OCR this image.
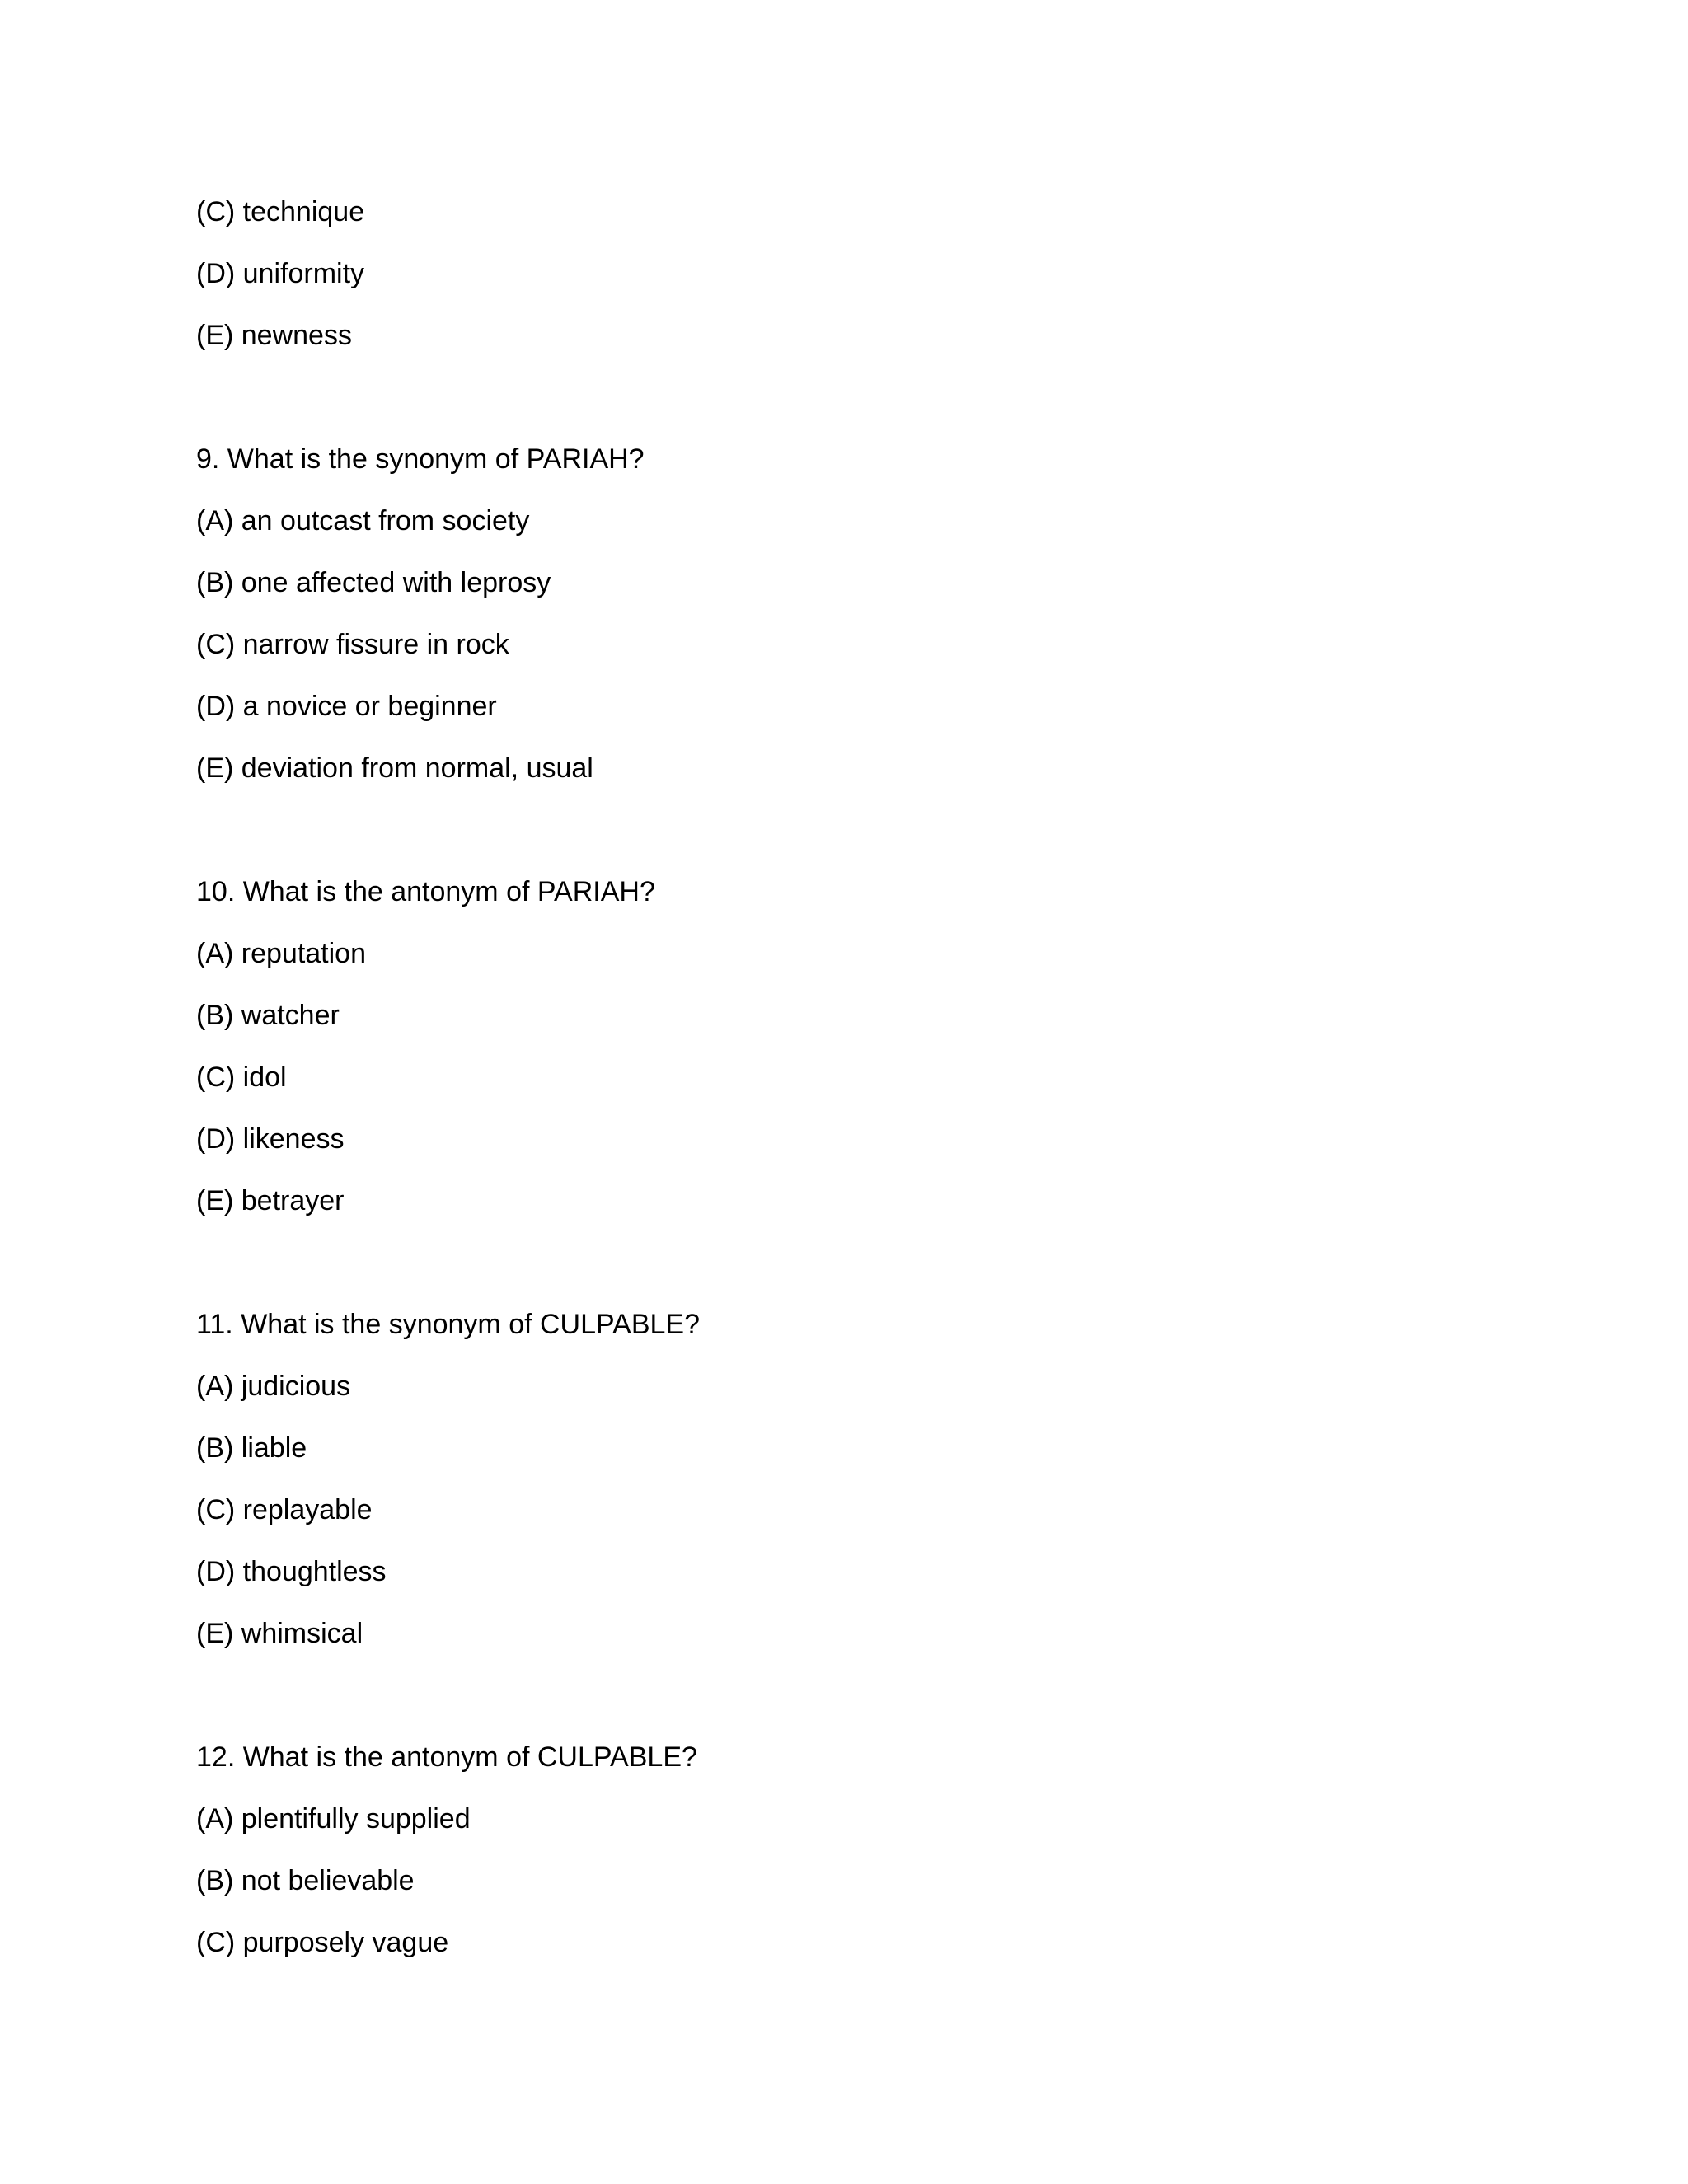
(C) technique
(D) uniformity
(E) newness
9. What is the synonym of PARIAH?
(A) an outcast from society
(B) one affected with leprosy
(C) narrow fissure in rock
(D) a novice or beginner
(E) deviation from normal, usual
10. What is the antonym of PARIAH?
(A) reputation
(B) watcher
(C) idol
(D) likeness
(E) betrayer
11. What is the synonym of CULPABLE?
(A) judicious
(B) liable
(C) replayable
(D) thoughtless
(E) whimsical
12. What is the antonym of CULPABLE?
(A) plentifully supplied
(B) not believable
(C) purposely vague
